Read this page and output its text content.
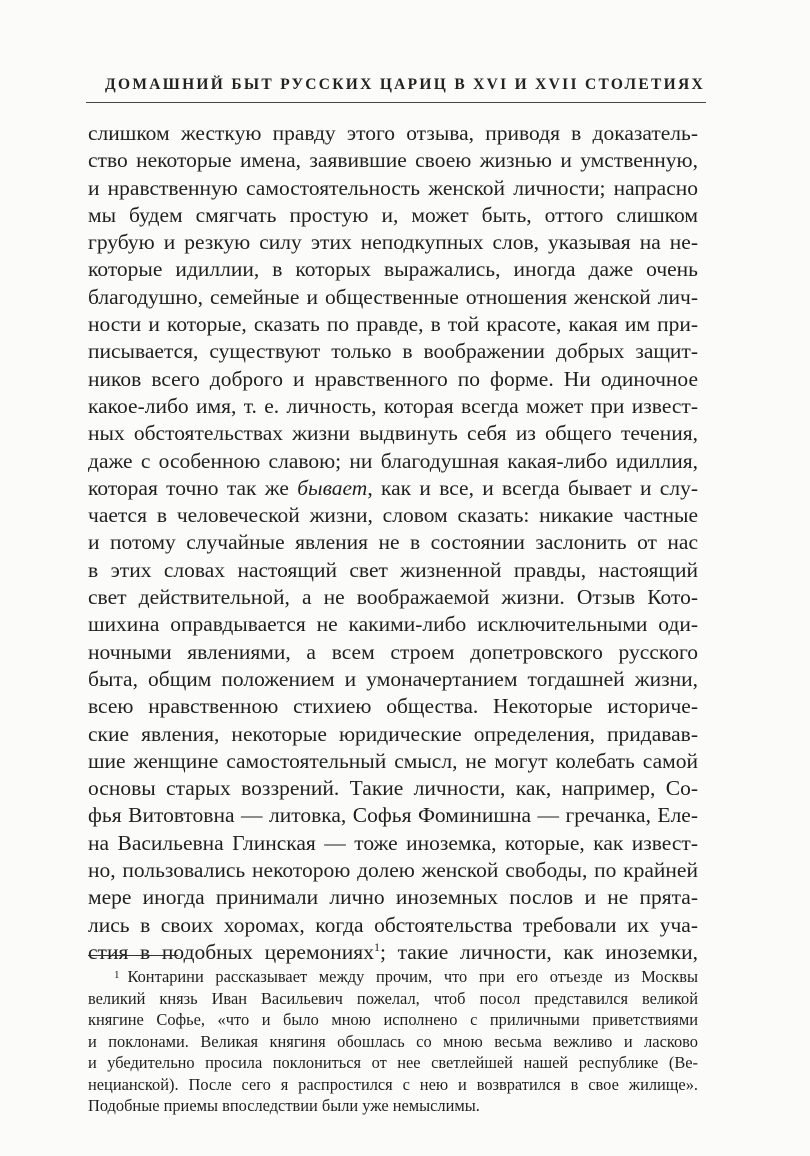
ДОМАШНИЙ БЫТ РУССКИХ ЦАРИЦ В XVI И XVII СТОЛЕТИЯХ
слишком жесткую правду этого отзыва, приводя в доказатель-
ство некоторые имена, заявившие своею жизнью и умственную,
и нравственную самостоятельность женской личности; напрасно
мы будем смягчать простую и, может быть, оттого слишком
грубую и резкую силу этих неподкупных слов, указывая на не-
которые идиллии, в которых выражались, иногда даже очень
благодушно, семейные и общественные отношения женской лич-
ности и которые, сказать по правде, в той красоте, какая им при-
писывается, существуют только в воображении добрых защит-
ников всего доброго и нравственного по форме. Ни одиночное
какое-либо имя, т. е. личность, которая всегда может при извест-
ных обстоятельствах жизни выдвинуть себя из общего течения,
даже с особенною славою; ни благодушная какая-либо идиллия,
которая точно так же бывает, как и все, и всегда бывает и слу-
чается в человеческой жизни, словом сказать: никакие частные
и потому случайные явления не в состоянии заслонить от нас
в этих словах настоящий свет жизненной правды, настоящий
свет действительной, а не воображаемой жизни. Отзыв Кото-
шихина оправдывается не какими-либо исключительными оди-
ночными явлениями, а всем строем допетровского русского
быта, общим положением и умоначертанием тогдашней жизни,
всею нравственною стихиею общества. Некоторые историче-
ские явления, некоторые юридические определения, придавав-
шие женщине самостоятельный смысл, не могут колебать самой
основы старых воззрений. Такие личности, как, например, Со-
фья Витовтовна — литовка, Софья Фоминишна — гречанка, Еле-
на Васильевна Глинская — тоже иноземка, которые, как извест-
но, пользовались некоторою долею женской свободы, по крайней
мере иногда принимали лично иноземных послов и не прята-
лись в своих хоромах, когда обстоятельства требовали их уча-
стия в подобных церемониях$^1$; такие личности, как иноземки,
$^1$ Контарини рассказывает между прочим, что при его отъезде из Москвы
великий князь Иван Васильевич пожелал, чтоб посол представился великой
княгине Софье, «что и было мною исполнено с приличными приветствиями
и поклонами. Великая княгиня обошлась со мною весьма вежливо и ласково
и убедительно просила поклониться от нее светлейшей нашей республике (Ве-
нецианской). После сего я распростился с нею и возвратился в свое жилище».
Подобные приемы впоследствии были уже немыслимы.
